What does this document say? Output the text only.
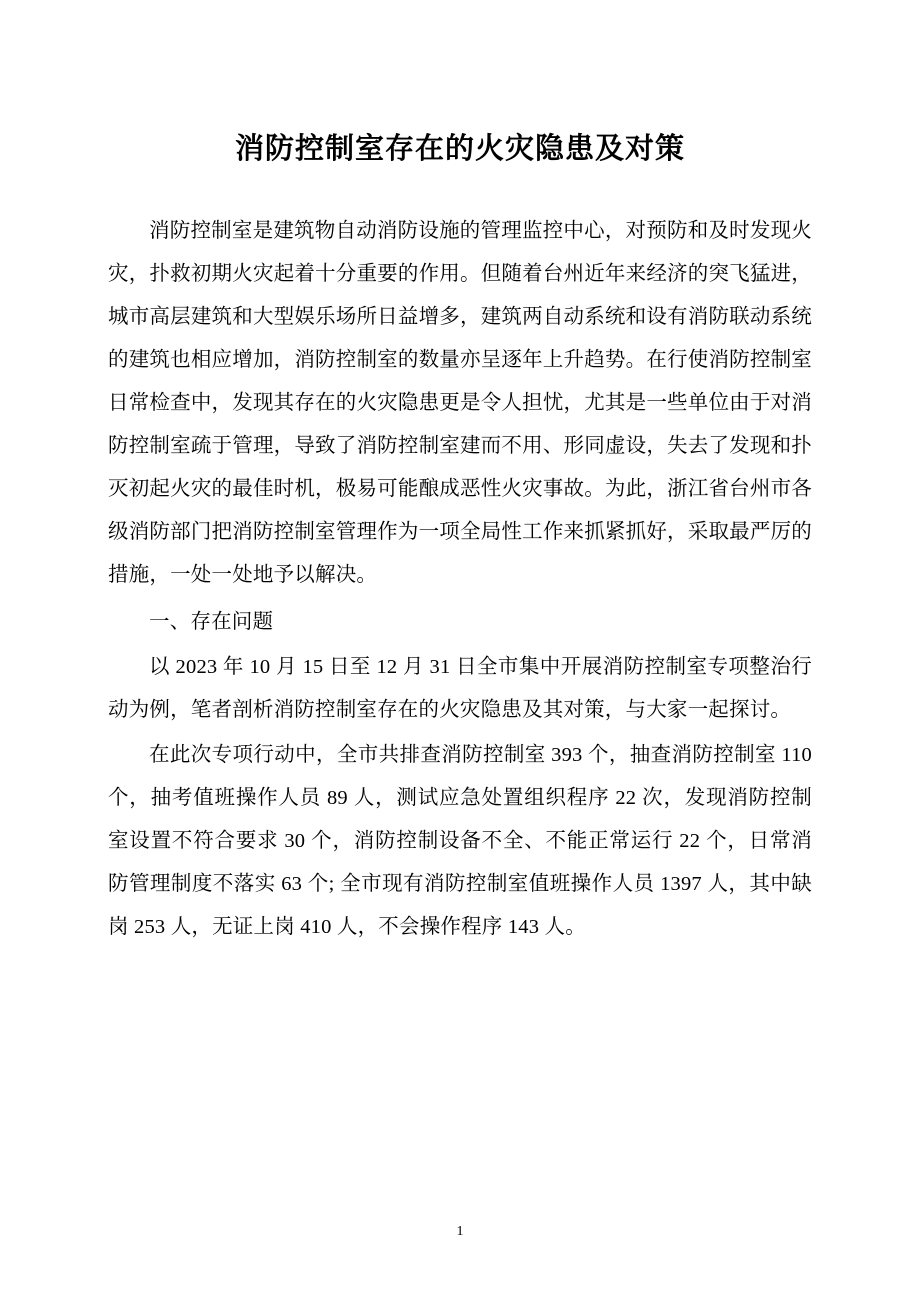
消防控制室存在的火灾隐患及对策

消防控制室是建筑物自动消防设施的管理监控中心，对预防和及时发现火灾，扑救初期火灾起着十分重要的作用。但随着台州近年来经济的突飞猛进，城市高层建筑和大型娱乐场所日益增多，建筑两自动系统和设有消防联动系统的建筑也相应增加，消防控制室的数量亦呈逐年上升趋势。在行使消防控制室日常检查中，发现其存在的火灾隐患更是令人担忧，尤其是一些单位由于对消防控制室疏于管理，导致了消防控制室建而不用、形同虚设，失去了发现和扑灭初起火灾的最佳时机，极易可能酿成恶性火灾事故。为此，浙江省台州市各级消防部门把消防控制室管理作为一项全局性工作来抓紧抓好，采取最严厉的措施，一处一处地予以解决。

一、存在问题

以 2023 年 10 月 15 日至 12 月 31 日全市集中开展消防控制室专项整治行动为例，笔者剖析消防控制室存在的火灾隐患及其对策，与大家一起探讨。

在此次专项行动中，全市共排查消防控制室 393 个，抽查消防控制室 110 个，抽考值班操作人员 89 人，测试应急处置组织程序 22 次，发现消防控制室设置不符合要求 30 个，消防控制设备不全、不能正常运行 22 个，日常消防管理制度不落实 63 个; 全市现有消防控制室值班操作人员 1397 人，其中缺岗 253 人，无证上岗 410 人，不会操作程序 143 人。

1
